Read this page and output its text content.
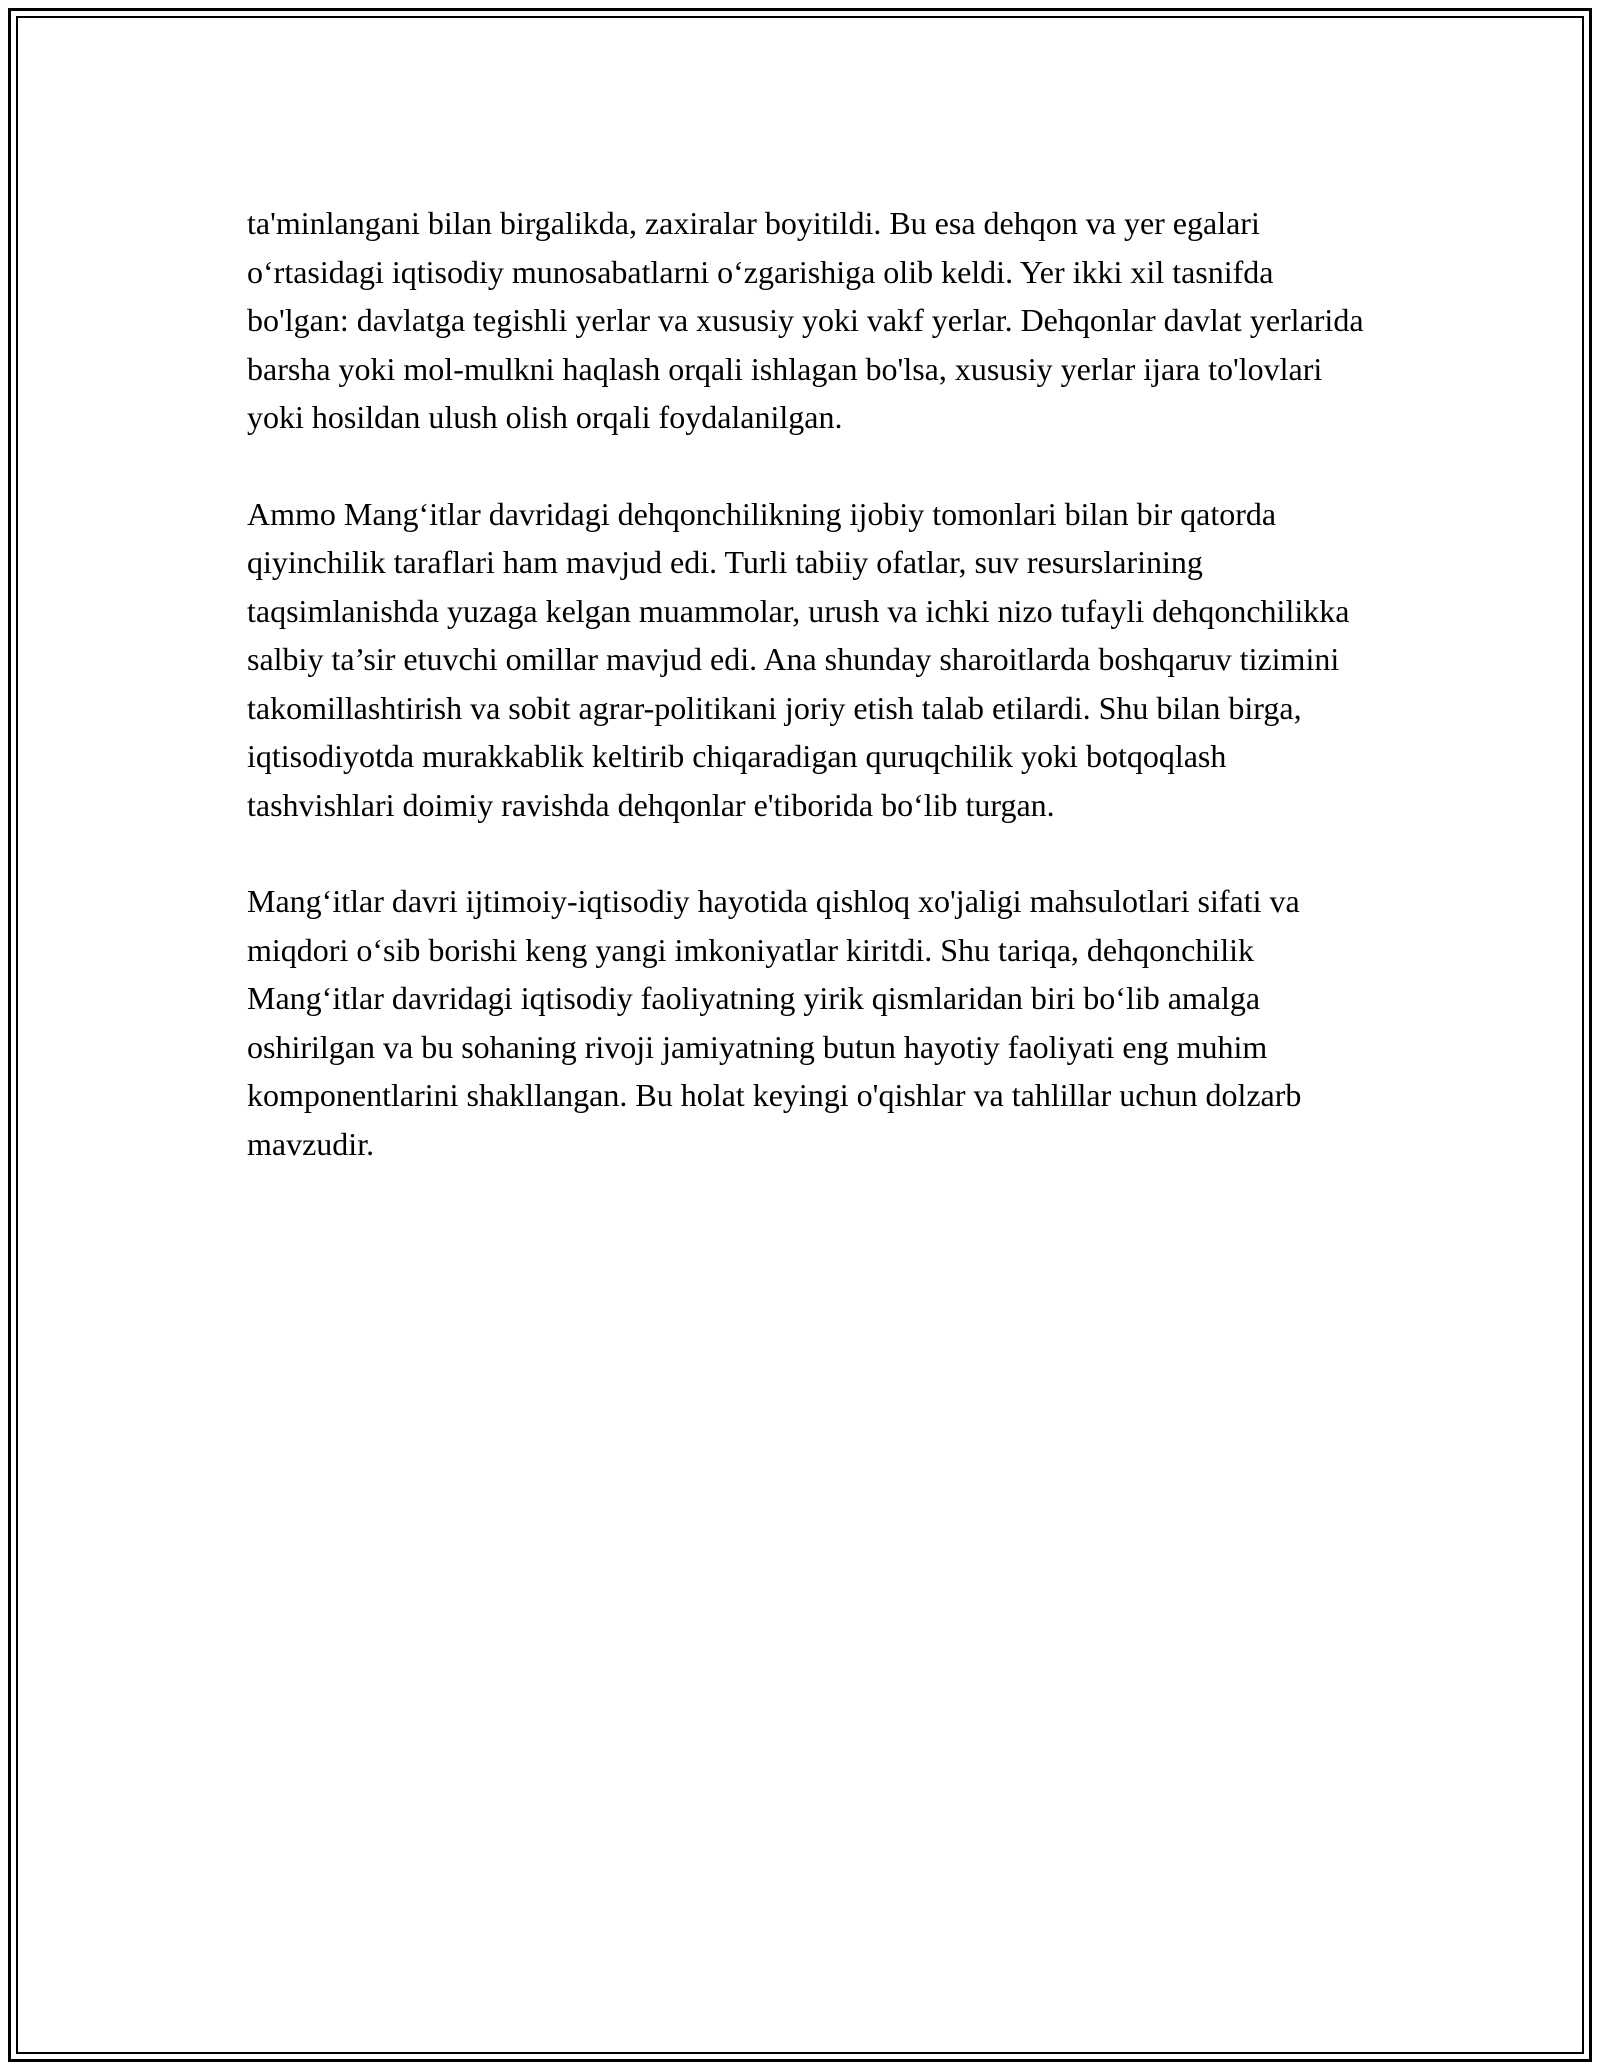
ta'minlangani bilan birgalikda, zaxiralar boyitildi. Bu esa dehqon va yer egalari o‘rtasidagi iqtisodiy munosabatlarni o‘zgarishiga olib keldi. Yer ikki xil tasnifda bo'lgan: davlatga tegishli yerlar va xususiy yoki vakf yerlar. Dehqonlar davlat yerlarida barsha yoki mol-mulkni haqlash orqali ishlagan bo'lsa, xususiy yerlar ijara to'lovlari yoki hosildan ulush olish orqali foydalanilgan.

Ammo Mang‘itlar davridagi dehqonchilikning ijobiy tomonlari bilan bir qatorda qiyinchilik taraflari ham mavjud edi. Turli tabiiy ofatlar, suv resurslarining taqsimlanishda yuzaga kelgan muammolar, urush va ichki nizo tufayli dehqonchilikka salbiy ta’sir etuvchi omillar mavjud edi. Ana shunday sharoitlarda boshqaruv tizimini takomillashtirish va sobit agrar-politikani joriy etish talab etilardi. Shu bilan birga, iqtisodiyotda murakkablik keltirib chiqaradigan quruqchilik yoki botqoqlash tashvishlari doimiy ravishda dehqonlar e'tiborida bo‘lib turgan.

Mang‘itlar davri ijtimoiy-iqtisodiy hayotida qishloq xo'jaligi mahsulotlari sifati va miqdori o‘sib borishi keng yangi imkoniyatlar kiritdi. Shu tariqa, dehqonchilik Mang‘itlar davridagi iqtisodiy faoliyatning yirik qismlaridan biri bo‘lib amalga oshirilgan va bu sohaning rivoji jamiyatning butun hayotiy faoliyati eng muhim komponentlarini shakllangan. Bu holat keyingi o'qishlar va tahlillar uchun dolzarb mavzudir.
